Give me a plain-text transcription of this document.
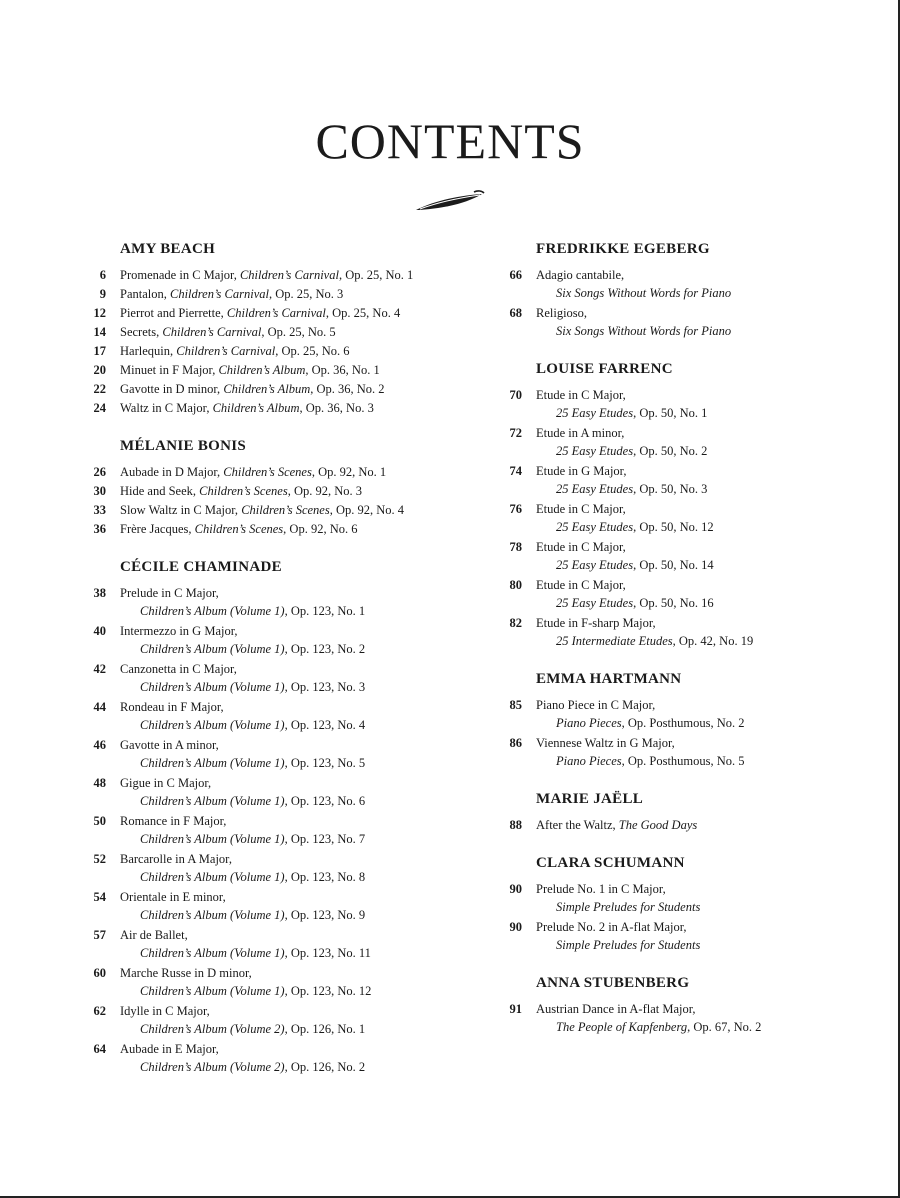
CONTENTS
AMY BEACH
6 Promenade in C Major, Children’s Carnival, Op. 25, No. 1
9 Pantalon, Children’s Carnival, Op. 25, No. 3
12 Pierrot and Pierrette, Children’s Carnival, Op. 25, No. 4
14 Secrets, Children’s Carnival, Op. 25, No. 5
17 Harlequin, Children’s Carnival, Op. 25, No. 6
20 Minuet in F Major, Children’s Album, Op. 36, No. 1
22 Gavotte in D minor, Children’s Album, Op. 36, No. 2
24 Waltz in C Major, Children’s Album, Op. 36, No. 3
MÉLANIE BONIS
26 Aubade in D Major, Children’s Scenes, Op. 92, No. 1
30 Hide and Seek, Children’s Scenes, Op. 92, No. 3
33 Slow Waltz in C Major, Children’s Scenes, Op. 92, No. 4
36 Frère Jacques, Children’s Scenes, Op. 92, No. 6
CÉCILE CHAMINADE
38 Prelude in C Major,
Children’s Album (Volume 1), Op. 123, No. 1
40 Intermezzo in G Major,
Children’s Album (Volume 1), Op. 123, No. 2
42 Canzonetta in C Major,
Children’s Album (Volume 1), Op. 123, No. 3
44 Rondeau in F Major,
Children’s Album (Volume 1), Op. 123, No. 4
46 Gavotte in A minor,
Children’s Album (Volume 1), Op. 123, No. 5
48 Gigue in C Major,
Children’s Album (Volume 1), Op. 123, No. 6
50 Romance in F Major,
Children’s Album (Volume 1), Op. 123, No. 7
52 Barcarolle in A Major,
Children’s Album (Volume 1), Op. 123, No. 8
54 Orientale in E minor,
Children’s Album (Volume 1), Op. 123, No. 9
57 Air de Ballet,
Children’s Album (Volume 1), Op. 123, No. 11
60 Marche Russe in D minor,
Children’s Album (Volume 1), Op. 123, No. 12
62 Idylle in C Major,
Children’s Album (Volume 2), Op. 126, No. 1
64 Aubade in E Major,
Children’s Album (Volume 2), Op. 126, No. 2
FREDRIKKE EGEBERG
66 Adagio cantabile,
Six Songs Without Words for Piano
68 Religioso,
Six Songs Without Words for Piano
LOUISE FARRENC
70 Etude in C Major,
25 Easy Etudes, Op. 50, No. 1
72 Etude in A minor,
25 Easy Etudes, Op. 50, No. 2
74 Etude in G Major,
25 Easy Etudes, Op. 50, No. 3
76 Etude in C Major,
25 Easy Etudes, Op. 50, No. 12
78 Etude in C Major,
25 Easy Etudes, Op. 50, No. 14
80 Etude in C Major,
25 Easy Etudes, Op. 50, No. 16
82 Etude in F-sharp Major,
25 Intermediate Etudes, Op. 42, No. 19
EMMA HARTMANN
85 Piano Piece in C Major,
Piano Pieces, Op. Posthumous, No. 2
86 Viennese Waltz in G Major,
Piano Pieces, Op. Posthumous, No. 5
MARIE JAËLL
88 After the Waltz, The Good Days
CLARA SCHUMANN
90 Prelude No. 1 in C Major,
Simple Preludes for Students
90 Prelude No. 2 in A-flat Major,
Simple Preludes for Students
ANNA STUBENBERG
91 Austrian Dance in A-flat Major,
The People of Kapfenberg, Op. 67, No. 2
